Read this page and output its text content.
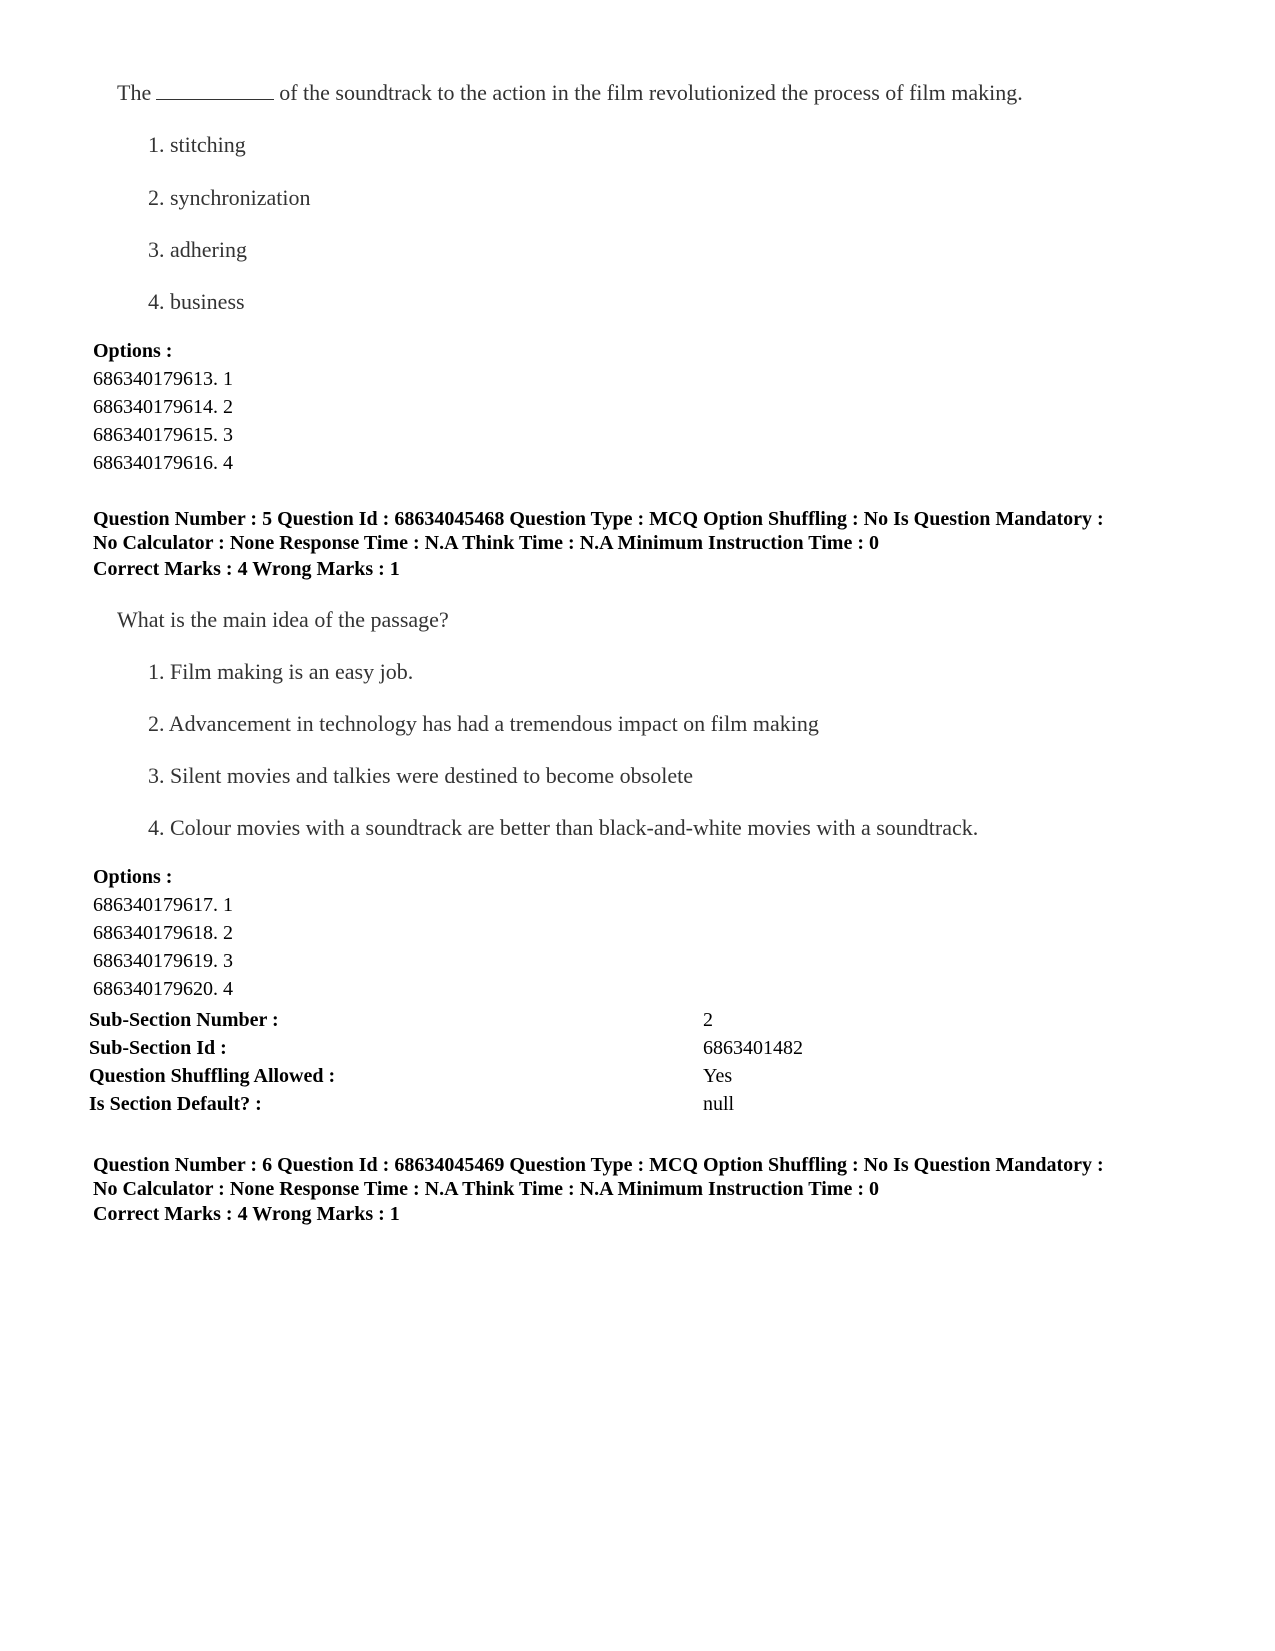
The	of the soundtrack to the action in the film revolutionized the process of film making.
1. stitching
2. synchronization
3. adhering
4. business
Options :
686340179613. 1
686340179614. 2
686340179615. 3
686340179616. 4
Question Number : 5 Question Id : 68634045468 Question Type : MCQ Option Shuffling : No Is Question Mandatory :
No Calculator : None Response Time : N.A Think Time : N.A Minimum Instruction Time : 0
Correct Marks : 4 Wrong Marks : 1
What is the main idea of the passage?
1. Film making is an easy job.
2. Advancement in technology has had a tremendous impact on film making
3. Silent movies and talkies were destined to become obsolete
4. Colour movies with a soundtrack are better than black-and-white movies with a soundtrack.
Options :
686340179617. 1
686340179618. 2
686340179619. 3
686340179620. 4
Sub-Section Number :	2
Sub-Section Id :	6863401482
Question Shuffling Allowed :	Yes
Is Section Default? :	null
Question Number : 6 Question Id : 68634045469 Question Type : MCQ Option Shuffling : No Is Question Mandatory :
No Calculator : None Response Time : N.A Think Time : N.A Minimum Instruction Time : 0
Correct Marks : 4 Wrong Marks : 1
